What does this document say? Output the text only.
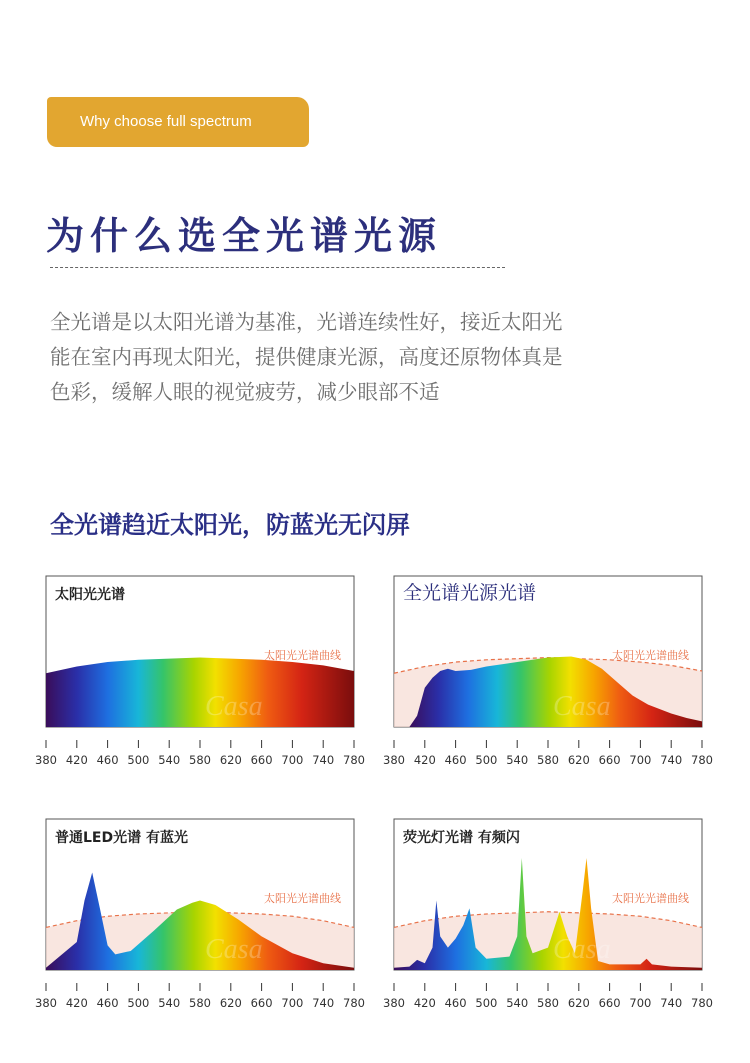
Why choose full spectrum
为什么选全光谱光源
全光谱是以太阳光谱为基准，光谱连续性好，接近太阳光
能在室内再现太阳光，提供健康光源，高度还原物体真是
色彩，缓解人眼的视觉疲劳，减少眼部不适
全光谱趋近太阳光，防蓝光无闪屏
Casa
太阳光光谱
太阳光光谱曲线
380 420 460 500 540 580 620 660 700 740 780
Casa
全光谱光源光谱
太阳光光谱曲线
380 420 460 500 540 580 620 660 700 740 780
Casa
普通LED光谱 有蓝光
太阳光光谱曲线
380 420 460 500 540 580 620 660 700 740 780
Casa
荧光灯光谱 有频闪
太阳光光谱曲线
380 420 460 500 540 580 620 660 700 740 780
